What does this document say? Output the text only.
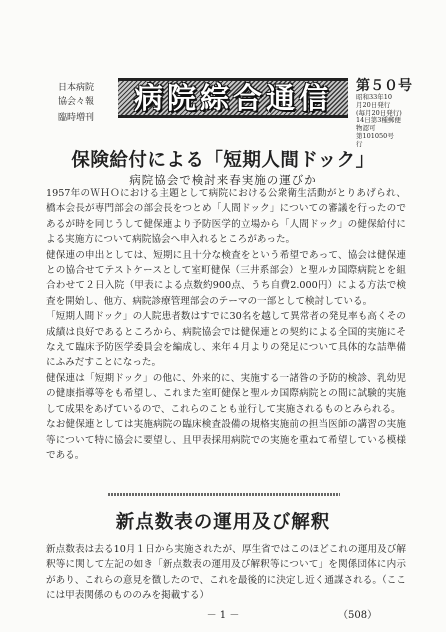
日本病院
協会々報
臨時増刊
病院綜合通信 第５０号
昭和33年10
月20日発行
(毎月20日発行)
14日第3種郵便
物認可
第101050号
行
保険給付による「短期人間ドック」
病院協会で検討来春実施の運びか

1957年のＷＨＯにおける主題として病院における公衆衛生活動がとりあげられ、橋本会長が専門部会の部会長をつとめ「人間ドック」についての審議を行ったのであるが時を同じうして健保連より予防医学的立場から「人間ドック」の健保給付による実施方について病院協会へ申入れるところがあった。

健保連の申出としては、短期に且十分な検査をという希望であって、協会は健保連との協合せてテストケースとして室町健保（三井系部会）と聖ルカ国際病院とを組合わせて２日入院（甲表による点数約900点、うち自費2.000円）による方法で検査を開始し、他方、病院診療管理部会のテーマの一部として検討している。

「短期人間ドック」の人院患者数はすでに30名を越して異常者の発見率も高くその成績は良好であるところから、病院協会では健保連との契約による全国的実施にそなえて臨床予防医学委員会を編成し、来年４月よりの発足について具体的な詰準備にふみだすことになった。

健保連は「短期ドック」の他に、外来的に、実施する一諸昝の予防的検診、乳幼児の健康指導等をも希望し、これまた室町健保と聖ルカ国際病院との間に試験的実施して成果をあげているので、これらのことも並行して実施されるものとみられる。

なお健保連としては実施病院の臨床検査設備の規格実施前の担当医師の講習の実施等について特に協会に要望し、且甲表採用病院での実施を重ねて希望している模様である。

新点数表の運用及び解釈

新点数表は去る10月１日から実施されたが、厚生省ではこのほどこれの運用及び解釈等に関して左記の如き「新点数表の運用及び解釈等について」を関係団体に内示があり、これらの意見を徴したので、これを最後的に決定し近く通謀される。（ここには甲表関係のもののみを掲載する）

－ 1 －	（508）
